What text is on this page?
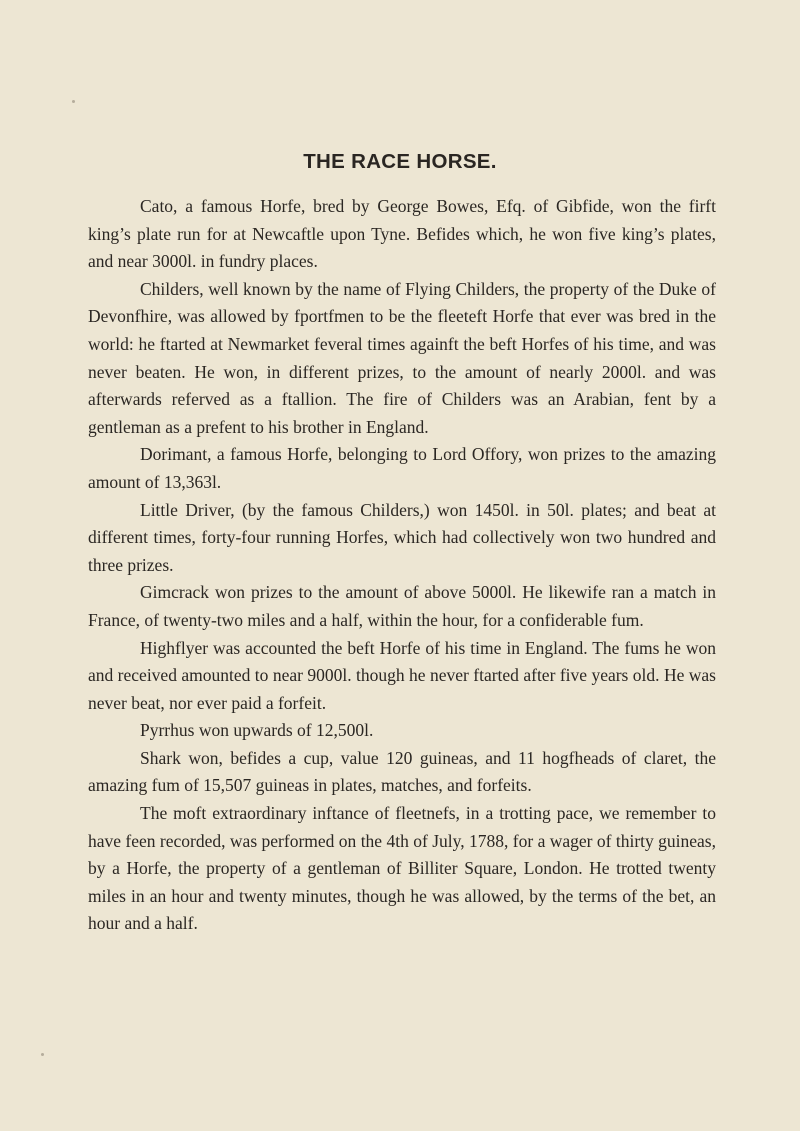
THE RACE HORSE.

Cato, a famous Horfe, bred by George Bowes, Efq. of Gibfide, won the firft king’s plate run for at Newcaftle upon Tyne. Befides which, he won five king’s plates, and near 3000l. in fundry places.

Childers, well known by the name of Flying Childers, the property of the Duke of Devonfhire, was allowed by fportfmen to be the fleeteft Horfe that ever was bred in the world: he ftarted at Newmarket feveral times againft the beft Horfes of his time, and was never beaten. He won, in different prizes, to the amount of nearly 2000l. and was afterwards referved as a ftallion. The fire of Childers was an Arabian, fent by a gentleman as a prefent to his brother in England.

Dorimant, a famous Horfe, belonging to Lord Offory, won prizes to the amazing amount of 13,363l.

Little Driver, (by the famous Childers,) won 1450l. in 50l. plates; and beat at different times, forty-four running Horfes, which had collectively won two hundred and three prizes.

Gimcrack won prizes to the amount of above 5000l. He likewife ran a match in France, of twenty-two miles and a half, within the hour, for a confiderable fum.

Highflyer was accounted the beft Horfe of his time in England. The fums he won and received amounted to near 9000l. though he never ftarted after five years old. He was never beat, nor ever paid a forfeit.

Pyrrhus won upwards of 12,500l.

Shark won, befides a cup, value 120 guineas, and 11 hogfheads of claret, the amazing fum of 15,507 guineas in plates, matches, and forfeits.

The moft extraordinary inftance of fleetnefs, in a trotting pace, we remember to have feen recorded, was performed on the 4th of July, 1788, for a wager of thirty guineas, by a Horfe, the property of a gentleman of Billiter Square, London. He trotted twenty miles in an hour and twenty minutes, though he was allowed, by the terms of the bet, an hour and a half.
